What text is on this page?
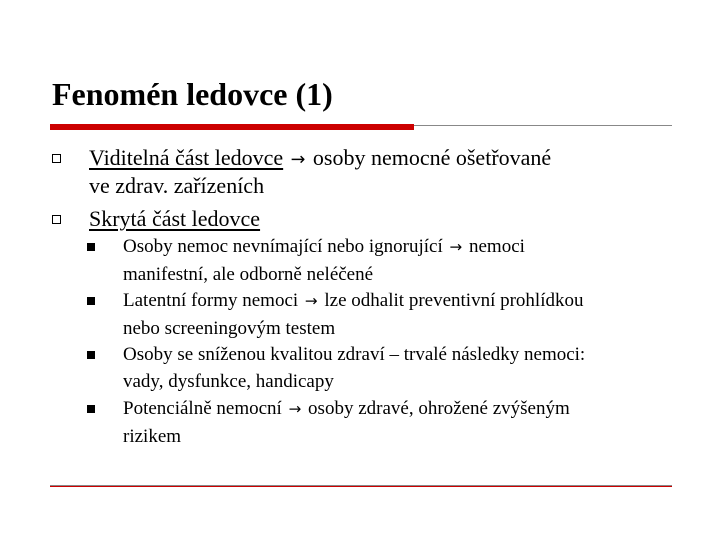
Fenomén ledovce (1)
Viditelná část ledovce → osoby nemocné ošetřované
ve zdrav. zařízeních
Skrytá část ledovce
Osoby nemoc nevnímající nebo ignorující → nemoci
manifestní, ale odborně neléčené
Latentní formy nemoci → lze odhalit preventivní prohlídkou
nebo screeningovým testem
Osoby se sníženou kvalitou zdraví – trvalé následky nemoci:
vady, dysfunkce, handicapy
Potenciálně nemocní → osoby zdravé, ohrožené zvýšeným
rizikem
